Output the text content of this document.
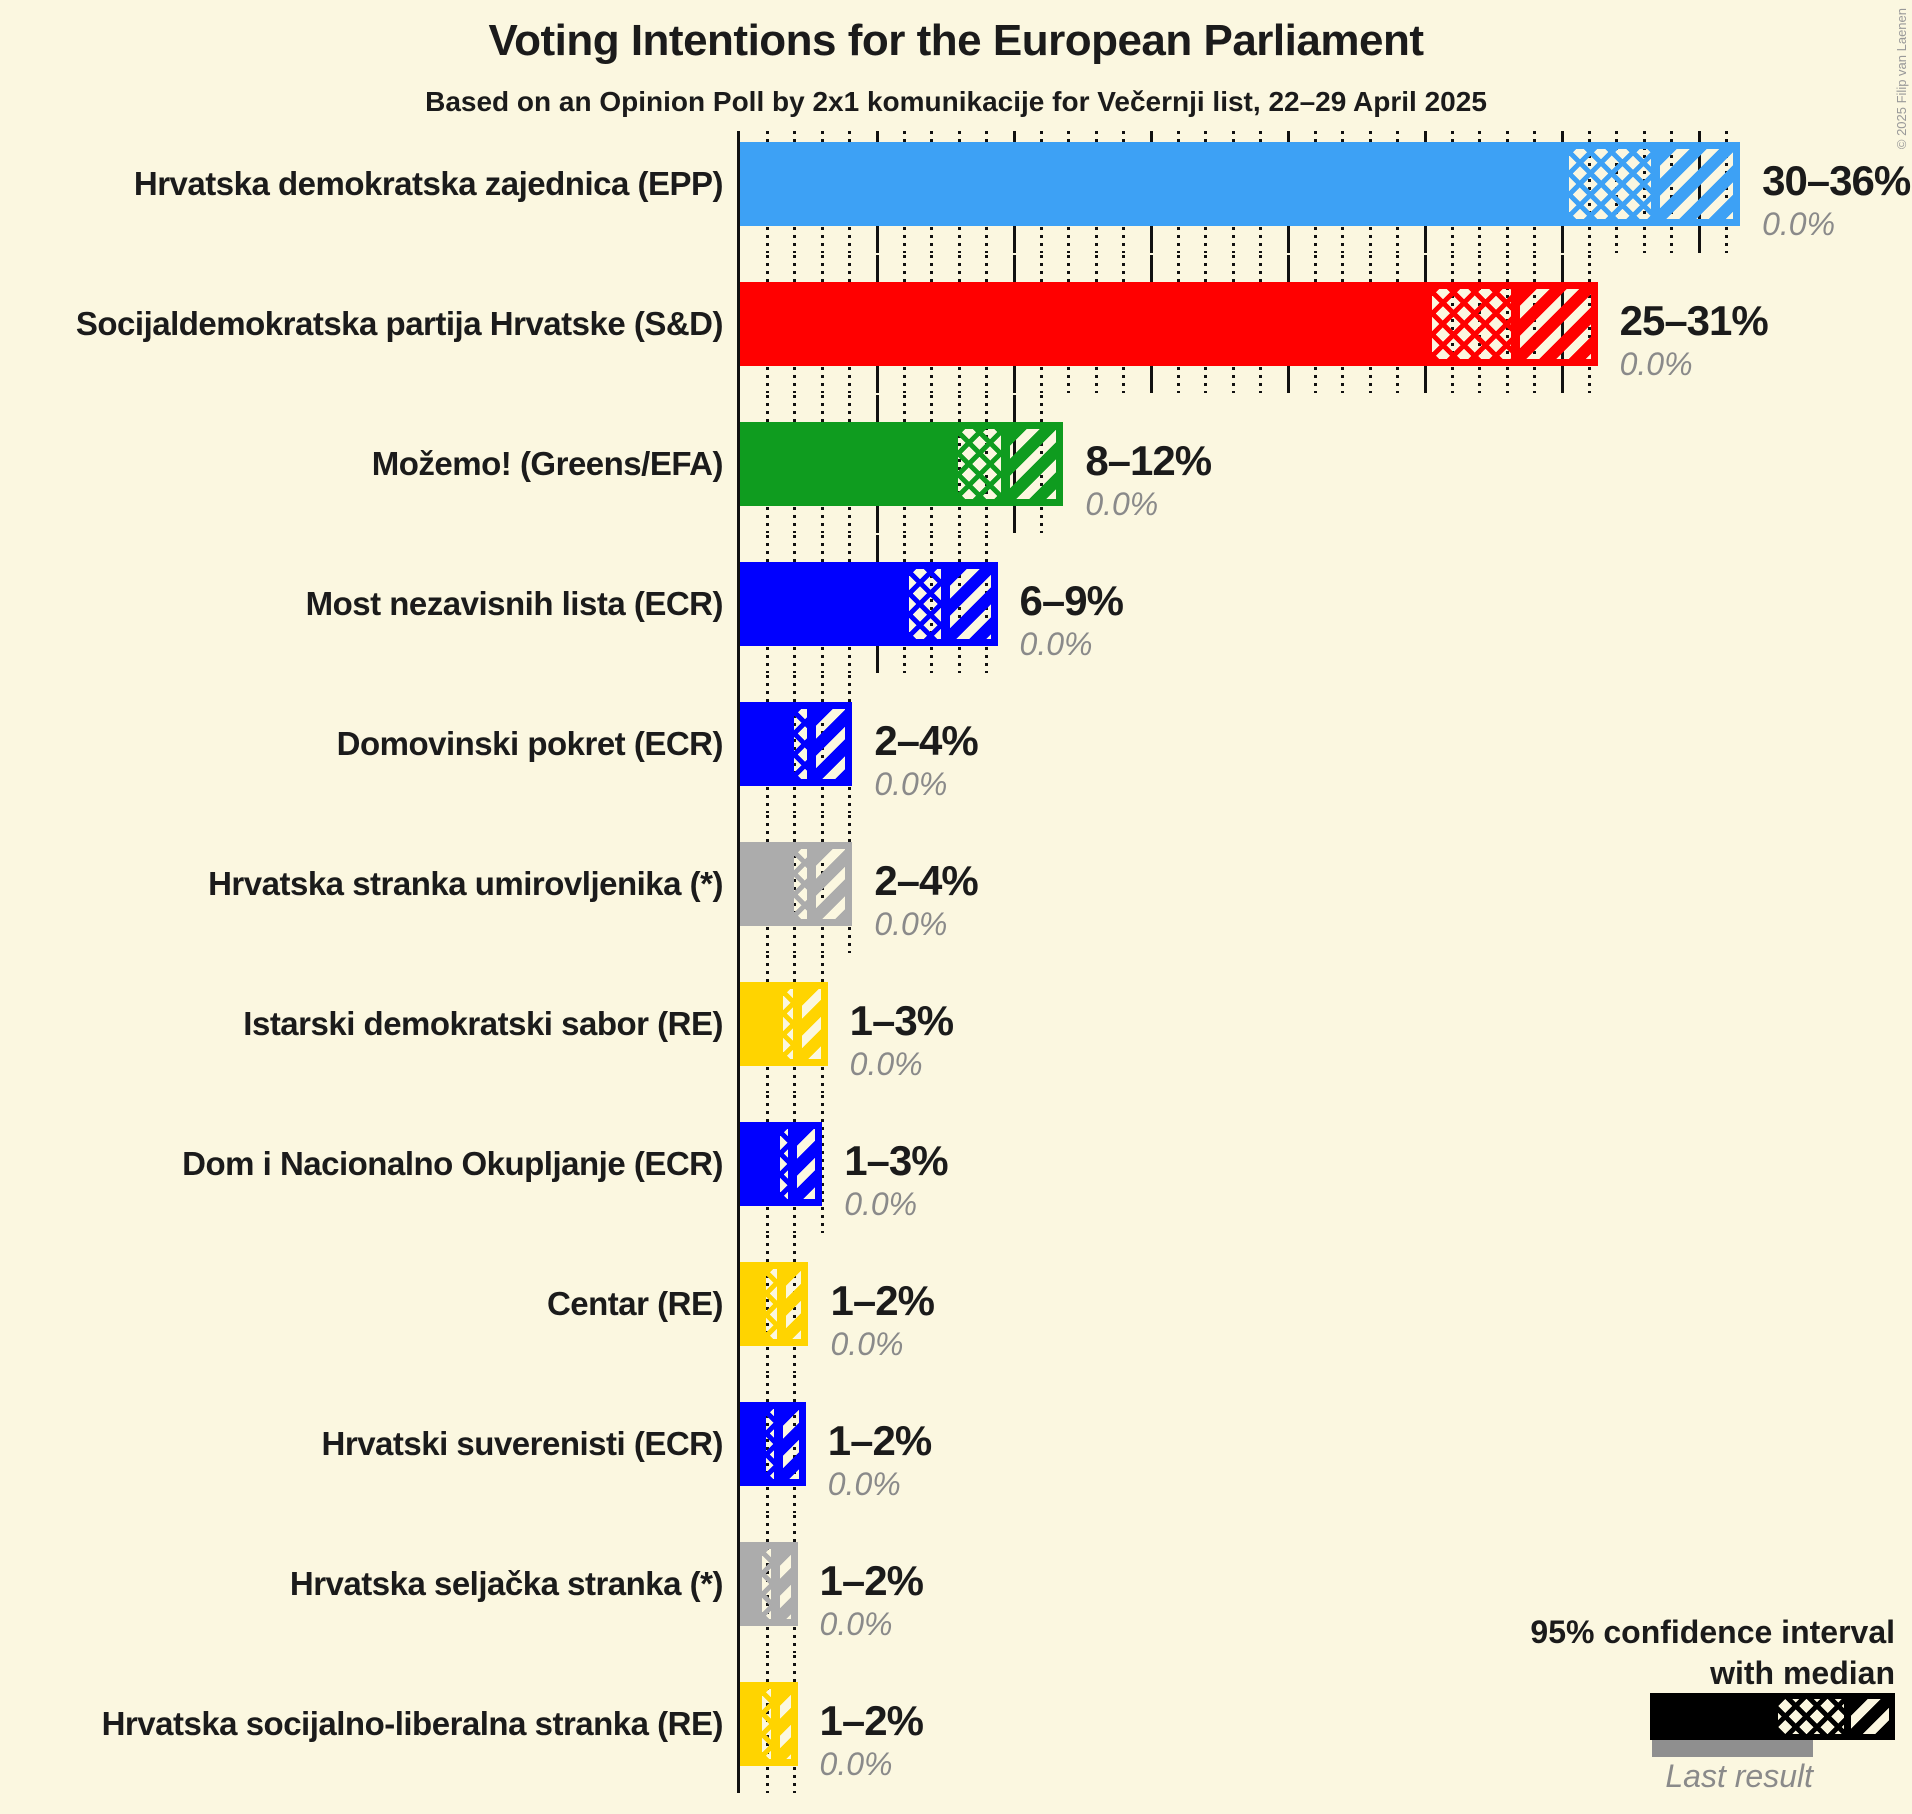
Voting Intentions for the European Parliament
Based on an Opinion Poll by 2x1 komunikacije for Večernji list, 22–29 April 2025	© 2025 Filip van Laenen
Hrvatska demokratska zajednica (EPP)	30–36%
0.0%
Socijaldemokratska partija Hrvatske (S&D)	25–31%
0.0%
Možemo! (Greens/EFA)	8–12%
0.0%
Most nezavisnih lista (ECR)	6–9%
0.0%
Domovinski pokret (ECR)	2–4%
0.0%
Hrvatska stranka umirovljenika (*)	2–4%
0.0%
Istarski demokratski sabor (RE)	1–3%
0.0%
Dom i Nacionalno Okupljanje (ECR)	1–3%
0.0%
Centar (RE)	1–2%
0.0%
Hrvatski suverenisti (ECR) 1–2%
0.0%
Hrvatska seljačka stranka (*) 1–2%
0.0%
Hrvatska socijalno-liberalna stranka (RE) 1–2%
0.0%
95% confidence interval
with median
Last result
